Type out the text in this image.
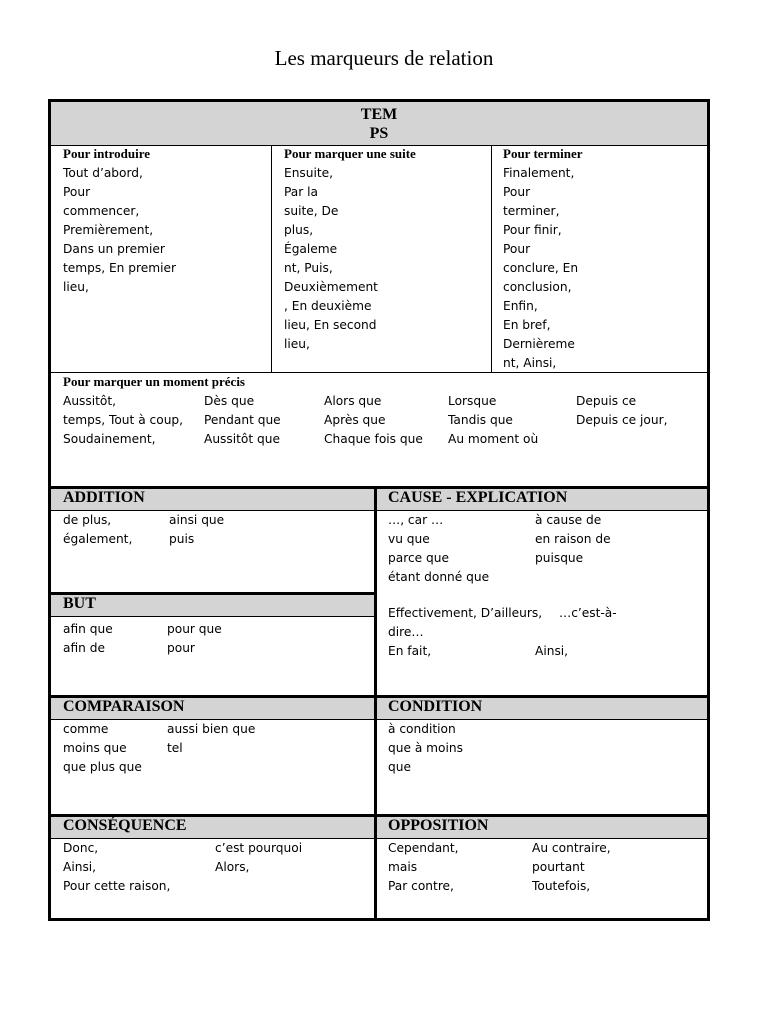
Les marqueurs de relation
TEM
PS
Pour introduire
Tout d’abord,
Pour
commencer,
Premièrement,
Dans un premier
temps, En premier
lieu,
Pour marquer une suite
Ensuite,
Par la
suite, De
plus,
Égaleme
nt, Puis,
Deuxièmement
, En deuxième
lieu, En second
lieu,
Pour terminer
Finalement,
Pour
terminer,
Pour finir,
Pour
conclure, En
conclusion,
Enfin,
En bref,
Dernièreme
nt, Ainsi,
Pour marquer un moment précis
Aussitôt,
temps, Tout à coup,
Soudainement,
Dès que
Pendant que
Aussitôt que
Alors que
Après que
Chaque fois que
Lorsque
Tandis que
Au moment où
Depuis ce
Depuis ce jour,
ADDITION
de plus,
également,
ainsi que
puis
BUT
afin que
afin de
pour que
pour
CAUSE - EXPLICATION
…, car …
vu que
parce que
étant donné que
à cause de
en raison de
puisque
Effectivement, D’ailleurs, …c’est-à-
dire…
En fait,	Ainsi,
COMPARAISON
comme
moins que
que plus que
aussi bien que
tel
CONDITION
à condition
que à moins
que
CONSÉQUENCE
Donc,
Ainsi,
Pour cette raison,
c’est pourquoi
Alors,
OPPOSITION
Cependant,
mais
Par contre,
Au contraire,
pourtant
Toutefois,
